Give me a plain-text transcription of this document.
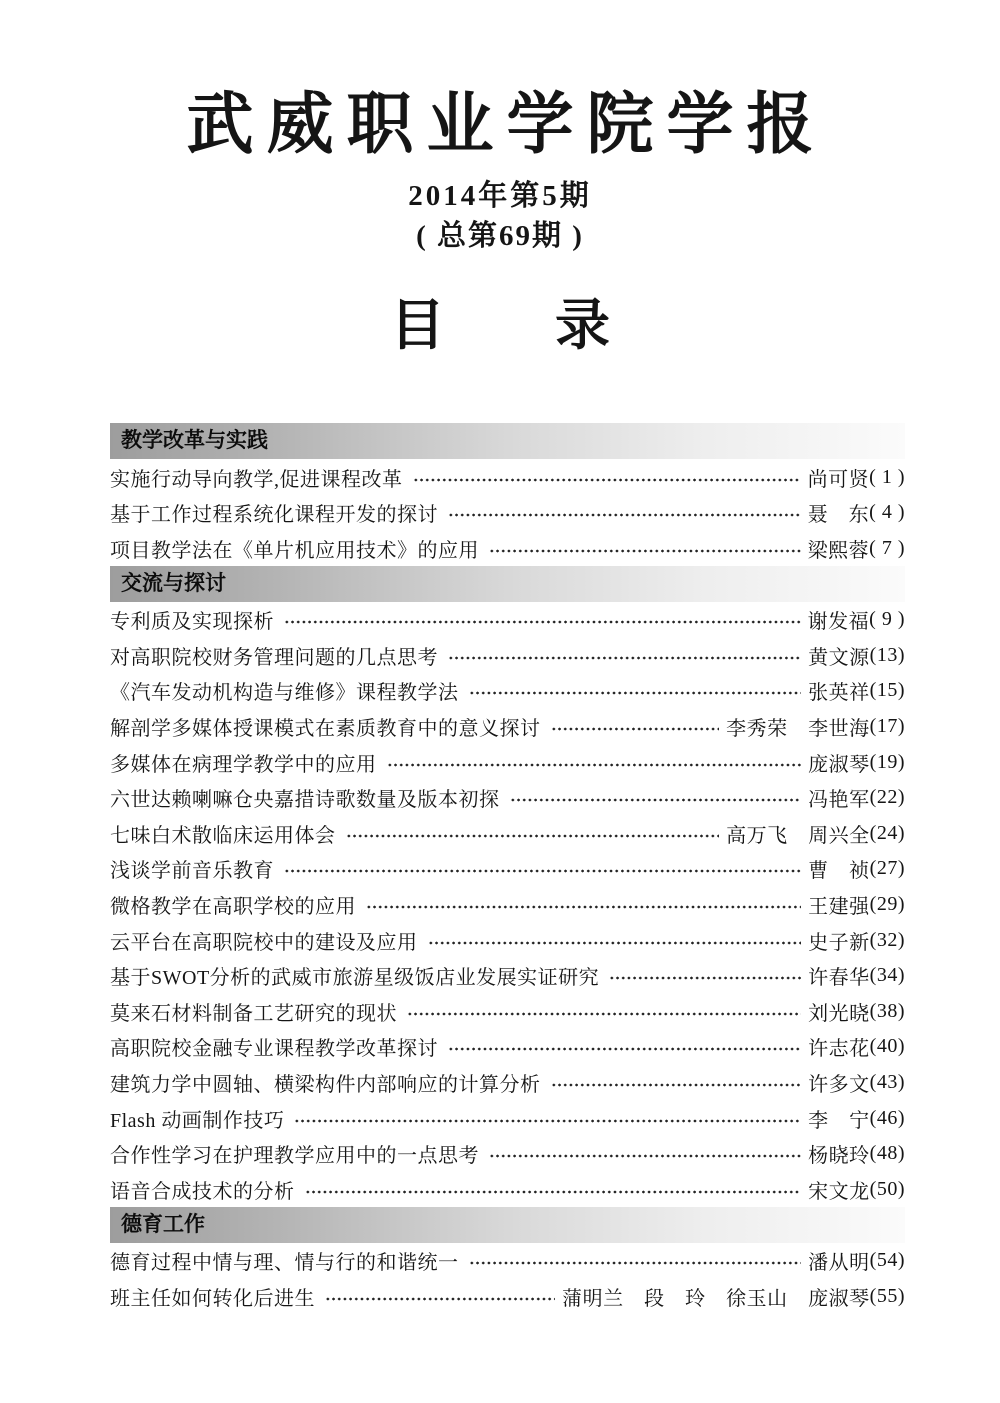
武威职业学院学报
2014年第5期
( 总第69期 )
目　　录
教学改革与实践
实施行动导向教学,促进课程改革	尚可贤 ( 1 )
基于工作过程系统化课程开发的探讨	聂　东 ( 4 )
项目教学法在《单片机应用技术》的应用	梁熙蓉 ( 7 )
交流与探讨
专利质及实现探析	谢发福 ( 9 )
对高职院校财务管理问题的几点思考	黄文源 (13)
《汽车发动机构造与维修》课程教学法	张英祥 (15)
解剖学多媒体授课模式在素质教育中的意义探讨	李秀荣　李世海 (17)
多媒体在病理学教学中的应用	庞淑琴 (19)
六世达赖喇嘛仓央嘉措诗歌数量及版本初探	冯艳军 (22)
七味白术散临床运用体会	高万飞　周兴全 (24)
浅谈学前音乐教育	曹　祯 (27)
微格教学在高职学校的应用	王建强 (29)
云平台在高职院校中的建设及应用	史子新 (32)
基于SWOT分析的武威市旅游星级饭店业发展实证研究	许春华 (34)
莫来石材料制备工艺研究的现状	刘光晓 (38)
高职院校金融专业课程教学改革探讨	许志花 (40)
建筑力学中圆轴、横梁构件内部响应的计算分析	许多文 (43)
Flash 动画制作技巧	李　宁 (46)
合作性学习在护理教学应用中的一点思考	杨晓玲 (48)
语音合成技术的分析	宋文龙 (50)
德育工作
德育过程中情与理、情与行的和谐统一	潘从明 (54)
班主任如何转化后进生	蒲明兰　段　玲　徐玉山　庞淑琴 (55)
